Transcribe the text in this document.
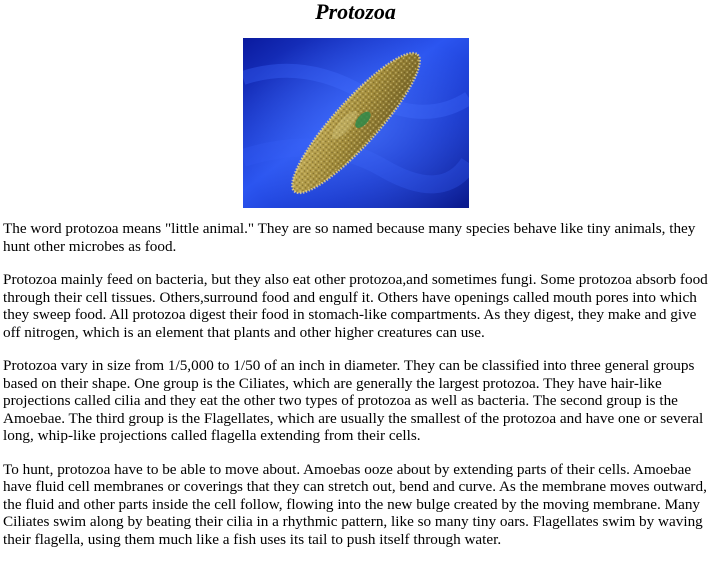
Protozoa

The word protozoa means "little animal." They are so named because many species behave like tiny animals, they hunt other microbes as food.

Protozoa mainly feed on bacteria, but they also eat other protozoa,and sometimes fungi. Some protozoa absorb food through their cell tissues. Others,surround food and engulf it. Others have openings called mouth pores into which they sweep food. All protozoa digest their food in stomach-like compartments. As they digest, they make and give off nitrogen, which is an element that plants and other higher creatures can use.

Protozoa vary in size from 1/5,000 to 1/50 of an inch in diameter. They can be classified into three general groups based on their shape. One group is the Ciliates, which are generally the largest protozoa. They have hair-like projections called cilia and they eat the other two types of protozoa as well as bacteria. The second group is the Amoebae. The third group is the Flagellates, which are usually the smallest of the protozoa and have one or several long, whip-like projections called flagella extending from their cells.

To hunt, protozoa have to be able to move about. Amoebas ooze about by extending parts of their cells. Amoebae have fluid cell membranes or coverings that they can stretch out, bend and curve. As the membrane moves outward, the fluid and other parts inside the cell follow, flowing into the new bulge created by the moving membrane. Many Ciliates swim along by beating their cilia in a rhythmic pattern, like so many tiny oars. Flagellates swim by waving their flagella, using them much like a fish uses its tail to push itself through water.
